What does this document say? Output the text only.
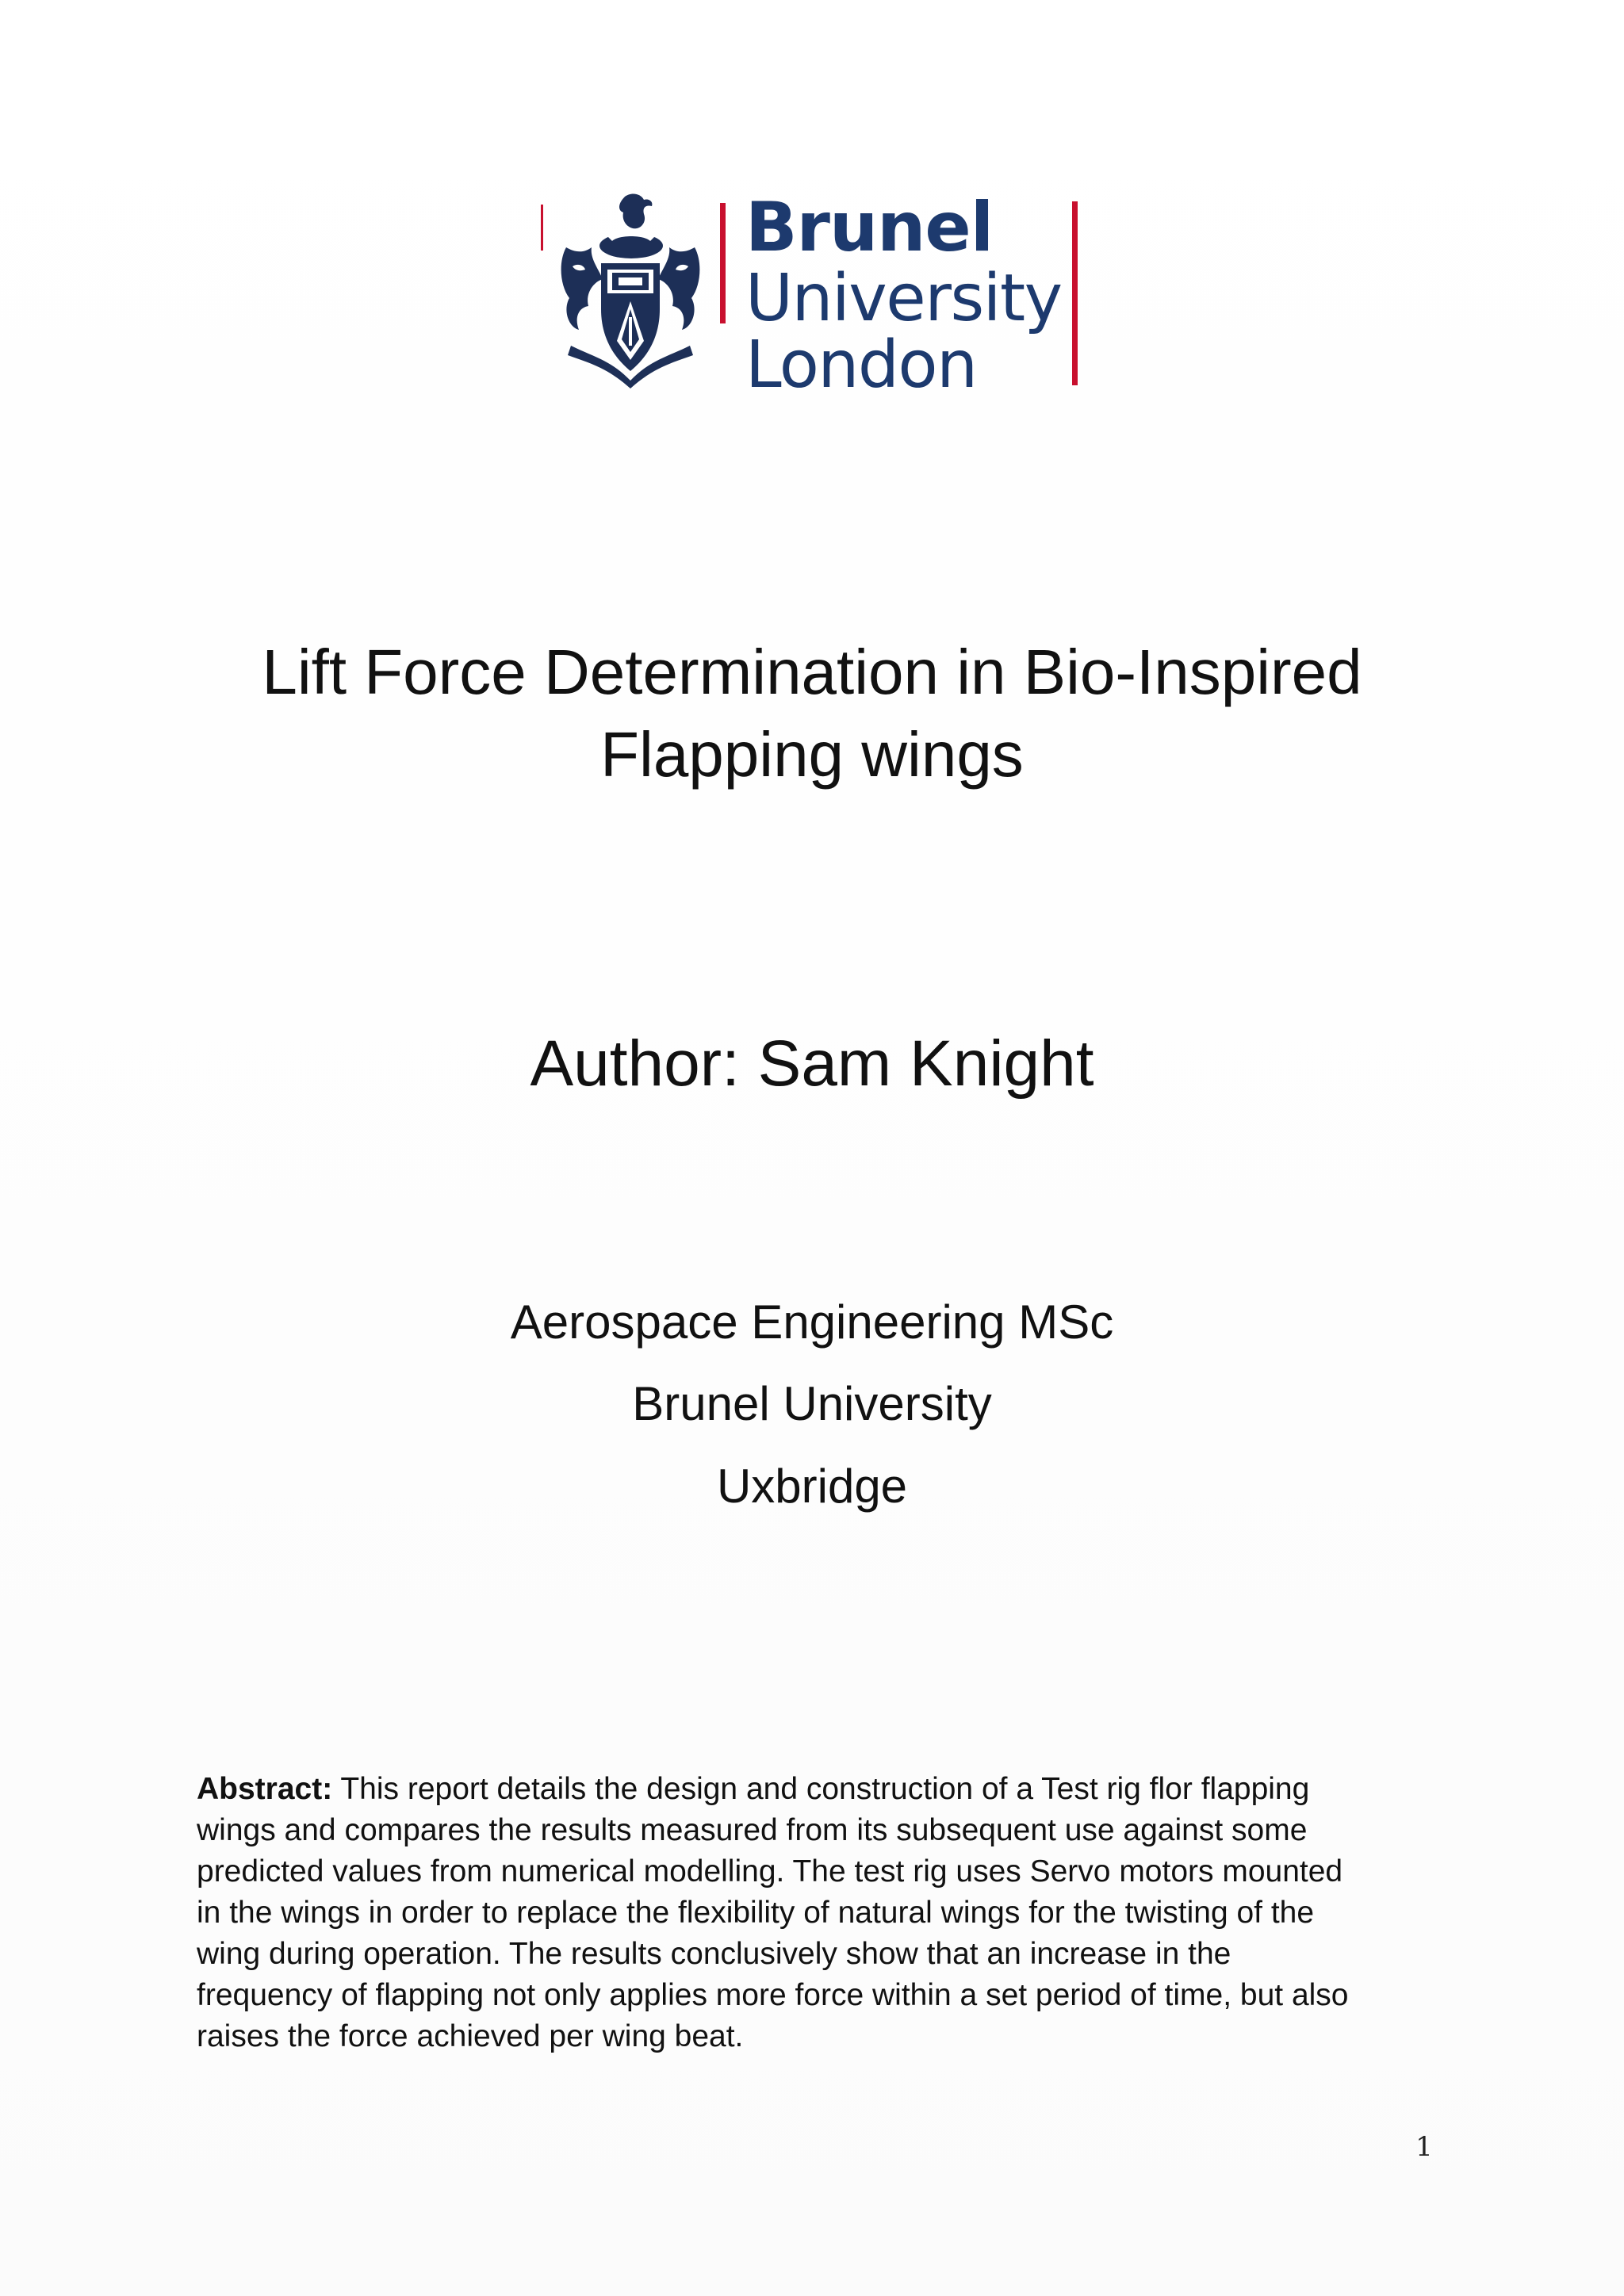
Brunel
University
London
Lift Force Determination in Bio-Inspired
Flapping wings
Author: Sam Knight
Aerospace Engineering MSc
Brunel University
Uxbridge
Abstract: This report details the design and construction of a Test rig flor flapping
wings and compares the results measured from its subsequent use against some
predicted values from numerical modelling. The test rig uses Servo motors mounted
in the wings in order to replace the flexibility of natural wings for the twisting of the
wing during operation. The results conclusively show that an increase in the
frequency of flapping not only applies more force within a set period of time, but also
raises the force achieved per wing beat.
1
